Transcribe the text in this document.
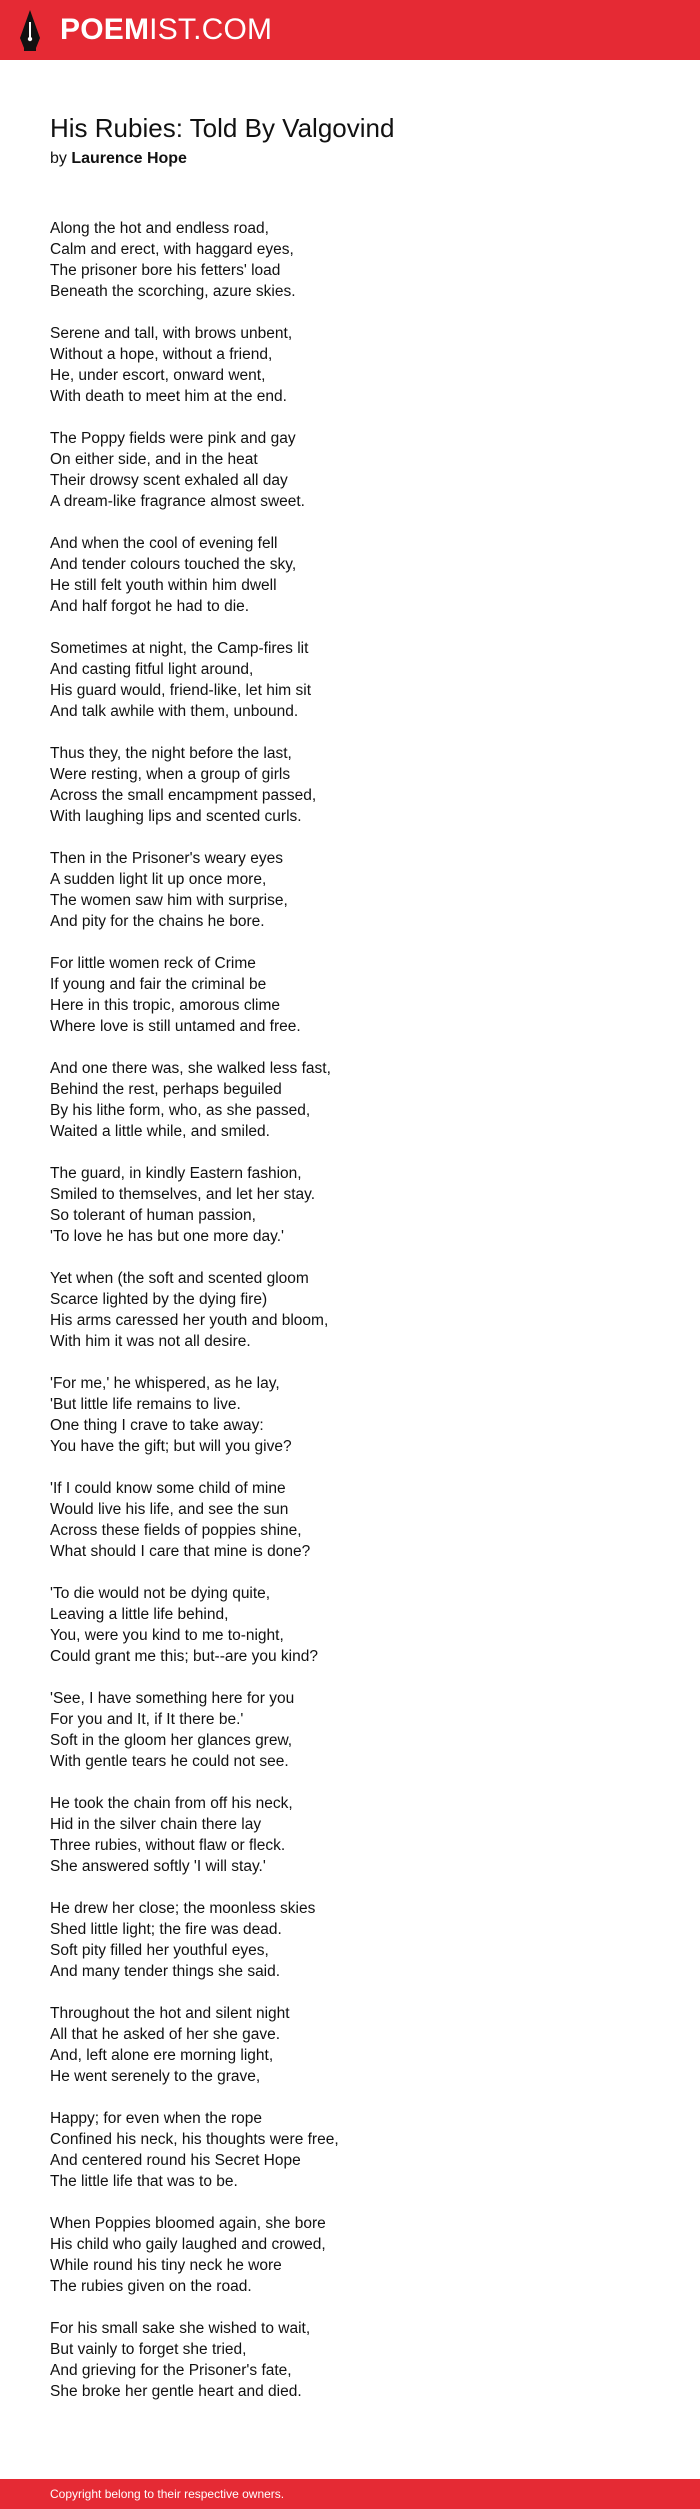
POEMIST.COM
His Rubies: Told By Valgovind
by Laurence Hope
Along the hot and endless road,
Calm and erect, with haggard eyes,
The prisoner bore his fetters' load
Beneath the scorching, azure skies.
Serene and tall, with brows unbent,
Without a hope, without a friend,
He, under escort, onward went,
With death to meet him at the end.
The Poppy fields were pink and gay
On either side, and in the heat
Their drowsy scent exhaled all day
A dream-like fragrance almost sweet.
And when the cool of evening fell
And tender colours touched the sky,
He still felt youth within him dwell
And half forgot he had to die.
Sometimes at night, the Camp-fires lit
And casting fitful light around,
His guard would, friend-like, let him sit
And talk awhile with them, unbound.
Thus they, the night before the last,
Were resting, when a group of girls
Across the small encampment passed,
With laughing lips and scented curls.
Then in the Prisoner's weary eyes
A sudden light lit up once more,
The women saw him with surprise,
And pity for the chains he bore.
For little women reck of Crime
If young and fair the criminal be
Here in this tropic, amorous clime
Where love is still untamed and free.
And one there was, she walked less fast,
Behind the rest, perhaps beguiled
By his lithe form, who, as she passed,
Waited a little while, and smiled.
The guard, in kindly Eastern fashion,
Smiled to themselves, and let her stay.
So tolerant of human passion,
'To love he has but one more day.'
Yet when (the soft and scented gloom
Scarce lighted by the dying fire)
His arms caressed her youth and bloom,
With him it was not all desire.
'For me,' he whispered, as he lay,
'But little life remains to live.
One thing I crave to take away:
You have the gift; but will you give?
'If I could know some child of mine
Would live his life, and see the sun
Across these fields of poppies shine,
What should I care that mine is done?
'To die would not be dying quite,
Leaving a little life behind,
You, were you kind to me to-night,
Could grant me this; but--are you kind?
'See, I have something here for you
For you and It, if It there be.'
Soft in the gloom her glances grew,
With gentle tears he could not see.
He took the chain from off his neck,
Hid in the silver chain there lay
Three rubies, without flaw or fleck.
She answered softly 'I will stay.'
He drew her close; the moonless skies
Shed little light; the fire was dead.
Soft pity filled her youthful eyes,
And many tender things she said.
Throughout the hot and silent night
All that he asked of her she gave.
And, left alone ere morning light,
He went serenely to the grave,
Happy; for even when the rope
Confined his neck, his thoughts were free,
And centered round his Secret Hope
The little life that was to be.
When Poppies bloomed again, she bore
His child who gaily laughed and crowed,
While round his tiny neck he wore
The rubies given on the road.
For his small sake she wished to wait,
But vainly to forget she tried,
And grieving for the Prisoner's fate,
She broke her gentle heart and died.
Copyright belong to their respective owners.
